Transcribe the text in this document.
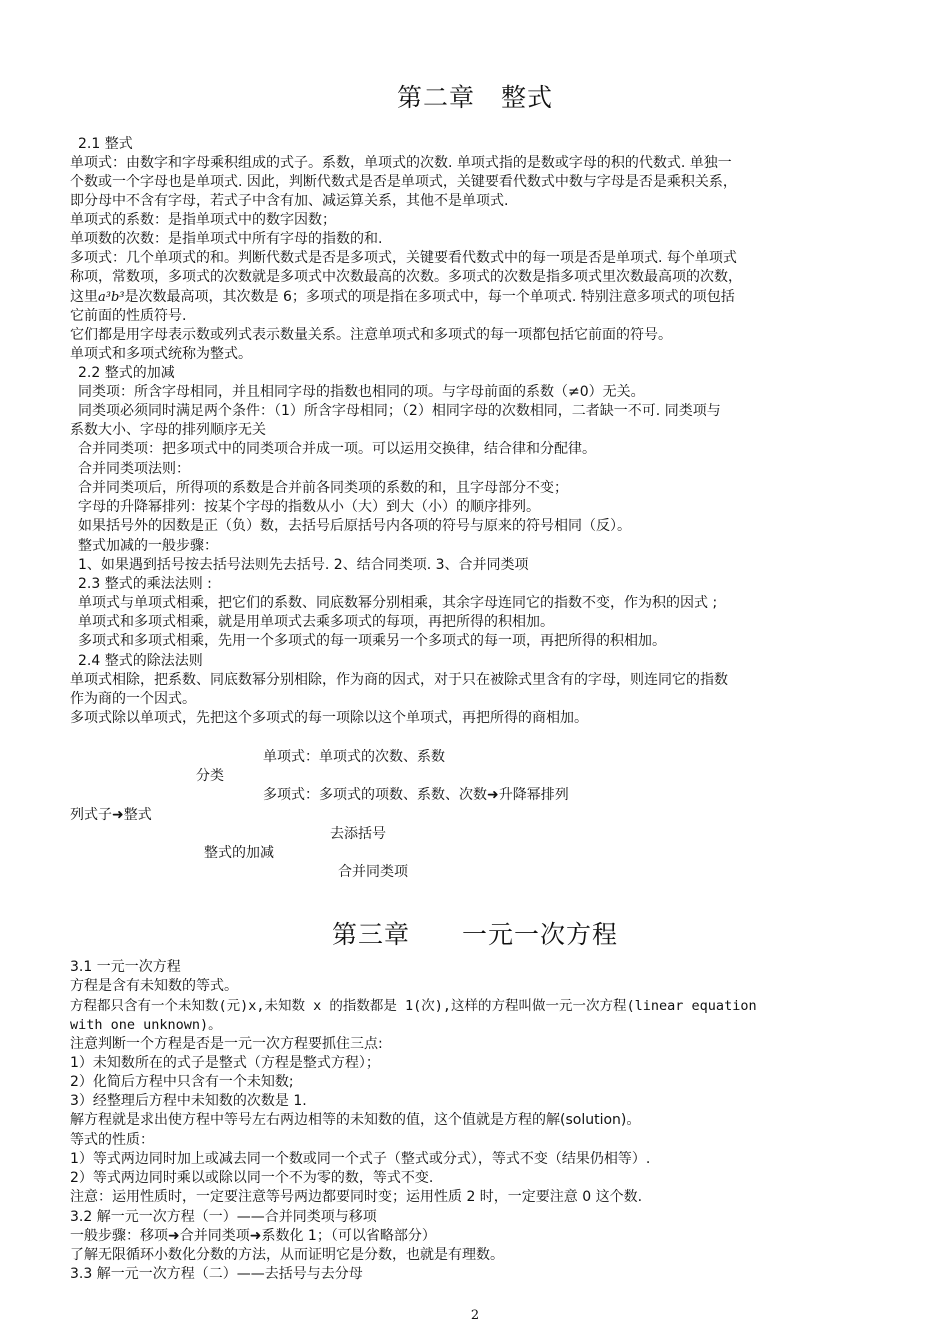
第二章　整式
2.1 整式
单项式：由数字和字母乘积组成的式子。系数，单项式的次数. 单项式指的是数或字母的积的代数式. 单独一
个数或一个字母也是单项式. 因此，判断代数式是否是单项式，关键要看代数式中数与字母是否是乘积关系，
即分母中不含有字母，若式子中含有加、减运算关系，其他不是单项式.
单项式的系数：是指单项式中的数字因数；
单项数的次数：是指单项式中所有字母的指数的和.
多项式：几个单项式的和。判断代数式是否是多项式，关键要看代数式中的每一项是否是单项式. 每个单项式
称项，常数项，多项式的次数就是多项式中次数最高的次数。多项式的次数是指多项式里次数最高项的次数，
这里a³b³是次数最高项，其次数是 6；多项式的项是指在多项式中，每一个单项式. 特别注意多项式的项包括
它前面的性质符号.
它们都是用字母表示数或列式表示数量关系。注意单项式和多项式的每一项都包括它前面的符号。
单项式和多项式统称为整式。
2.2 整式的加减
同类项：所含字母相同，并且相同字母的指数也相同的项。与字母前面的系数（≠0）无关。
同类项必须同时满足两个条件：（1）所含字母相同；（2）相同字母的次数相同，二者缺一不可. 同类项与
系数大小、字母的排列顺序无关
合并同类项：把多项式中的同类项合并成一项。可以运用交换律，结合律和分配律。
合并同类项法则：
合并同类项后，所得项的系数是合并前各同类项的系数的和，且字母部分不变；
字母的升降幂排列：按某个字母的指数从小（大）到大（小）的顺序排列。
如果括号外的因数是正（负）数，去括号后原括号内各项的符号与原来的符号相同（反）。
整式加减的一般步骤：
1、如果遇到括号按去括号法则先去括号. 2、结合同类项. 3、合并同类项
2.3 整式的乘法法则 :
单项式与单项式相乘，把它们的系数、同底数幂分别相乘，其余字母连同它的指数不变，作为积的因式 ;
单项式和多项式相乘，就是用单项式去乘多项式的每项，再把所得的积相加。
多项式和多项式相乘，先用一个多项式的每一项乘另一个多项式的每一项，再把所得的积相加。
2.4 整式的除法法则
单项式相除，把系数、同底数幂分别相除，作为商的因式，对于只在被除式里含有的字母，则连同它的指数
作为商的一个因式。
多项式除以单项式，先把这个多项式的每一项除以这个单项式，再把所得的商相加。
单项式：单项式的次数、系数
分类
多项式：多项式的项数、系数、次数➜升降幂排列
列式子➜整式
去添括号
整式的加减
合并同类项
第三章　　一元一次方程
3.1 一元一次方程
方程是含有未知数的等式。
方程都只含有一个未知数(元)x,未知数 x 的指数都是 1(次),这样的方程叫做一元一次方程(linear equation
with one unknown)。
注意判断一个方程是否是一元一次方程要抓住三点:
1）未知数所在的式子是整式（方程是整式方程）；
2）化简后方程中只含有一个未知数;
3）经整理后方程中未知数的次数是 1.
解方程就是求出使方程中等号左右两边相等的未知数的值，这个值就是方程的解(solution)。
等式的性质：
1）等式两边同时加上或减去同一个数或同一个式子（整式或分式），等式不变（结果仍相等）.
2）等式两边同时乘以或除以同一个不为零的数，等式不变.
注意：运用性质时，一定要注意等号两边都要同时变；运用性质 2 时，一定要注意 0 这个数.
3.2 解一元一次方程（一）——合并同类项与移项
一般步骤：移项➜合并同类项➜系数化 1；（可以省略部分）
了解无限循环小数化分数的方法，从而证明它是分数，也就是有理数。
3.3 解一元一次方程（二）——去括号与去分母
2
